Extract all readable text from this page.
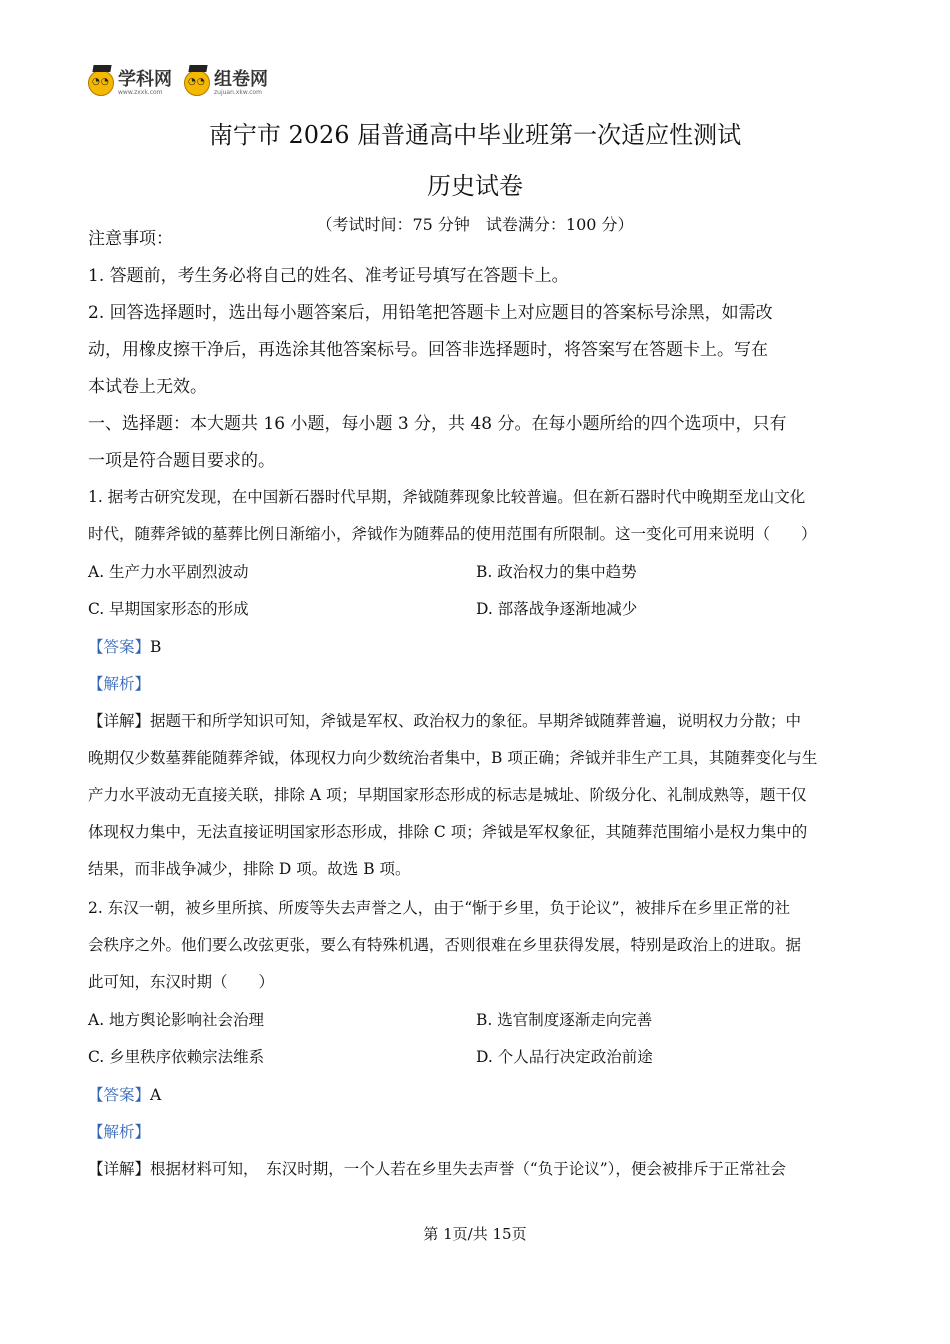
◔◔
学科网
www.zxxk.com
◔◔
组卷网
zujuan.xkw.com
南宁市 2026 届普通高中毕业班第一次适应性测试
历史试卷
（考试时间：75 分钟　试卷满分：100 分）
注意事项：
1. 答题前，考生务必将自己的姓名、准考证号填写在答题卡上。
2. 回答选择题时，选出每小题答案后，用铅笔把答题卡上对应题目的答案标号涂黑，如需改
动，用橡皮擦干净后，再选涂其他答案标号。回答非选择题时，将答案写在答题卡上。写在
本试卷上无效。
一、选择题：本大题共 16 小题，每小题 3 分，共 48 分。在每小题所给的四个选项中，只有
一项是符合题目要求的。
1. 据考古研究发现，在中国新石器时代早期，斧钺随葬现象比较普遍。但在新石器时代中晚期至龙山文化
时代，随葬斧钺的墓葬比例日渐缩小，斧钺作为随葬品的使用范围有所限制。这一变化可用来说明（　　）
A. 生产力水平剧烈波动	B. 政治权力的集中趋势
C. 早期国家形态的形成	D. 部落战争逐渐地减少
【答案】B
【解析】
【详解】据题干和所学知识可知，斧钺是军权、政治权力的象征。早期斧钺随葬普遍，说明权力分散；中
晚期仅少数墓葬能随葬斧钺，体现权力向少数统治者集中，B 项正确；斧钺并非生产工具，其随葬变化与生
产力水平波动无直接关联，排除 A 项；早期国家形态形成的标志是城址、阶级分化、礼制成熟等，题干仅
体现权力集中，无法直接证明国家形态形成，排除 C 项；斧钺是军权象征，其随葬范围缩小是权力集中的
结果，而非战争减少，排除 D 项。故选 B 项。
2. 东汉一朝，被乡里所摈、所废等失去声誉之人，由于“惭于乡里，负于论议”，被排斥在乡里正常的社
会秩序之外。他们要么改弦更张，要么有特殊机遇，否则很难在乡里获得发展，特别是政治上的进取。据
此可知，东汉时期（　　）
A. 地方舆论影响社会治理	B. 选官制度逐渐走向完善
C. 乡里秩序依赖宗法维系	D. 个人品行决定政治前途
【答案】A
【解析】
【详解】根据材料可知，　东汉时期，一个人若在乡里失去声誉（“负于论议”），便会被排斥于正常社会
第 1页/共 15页
